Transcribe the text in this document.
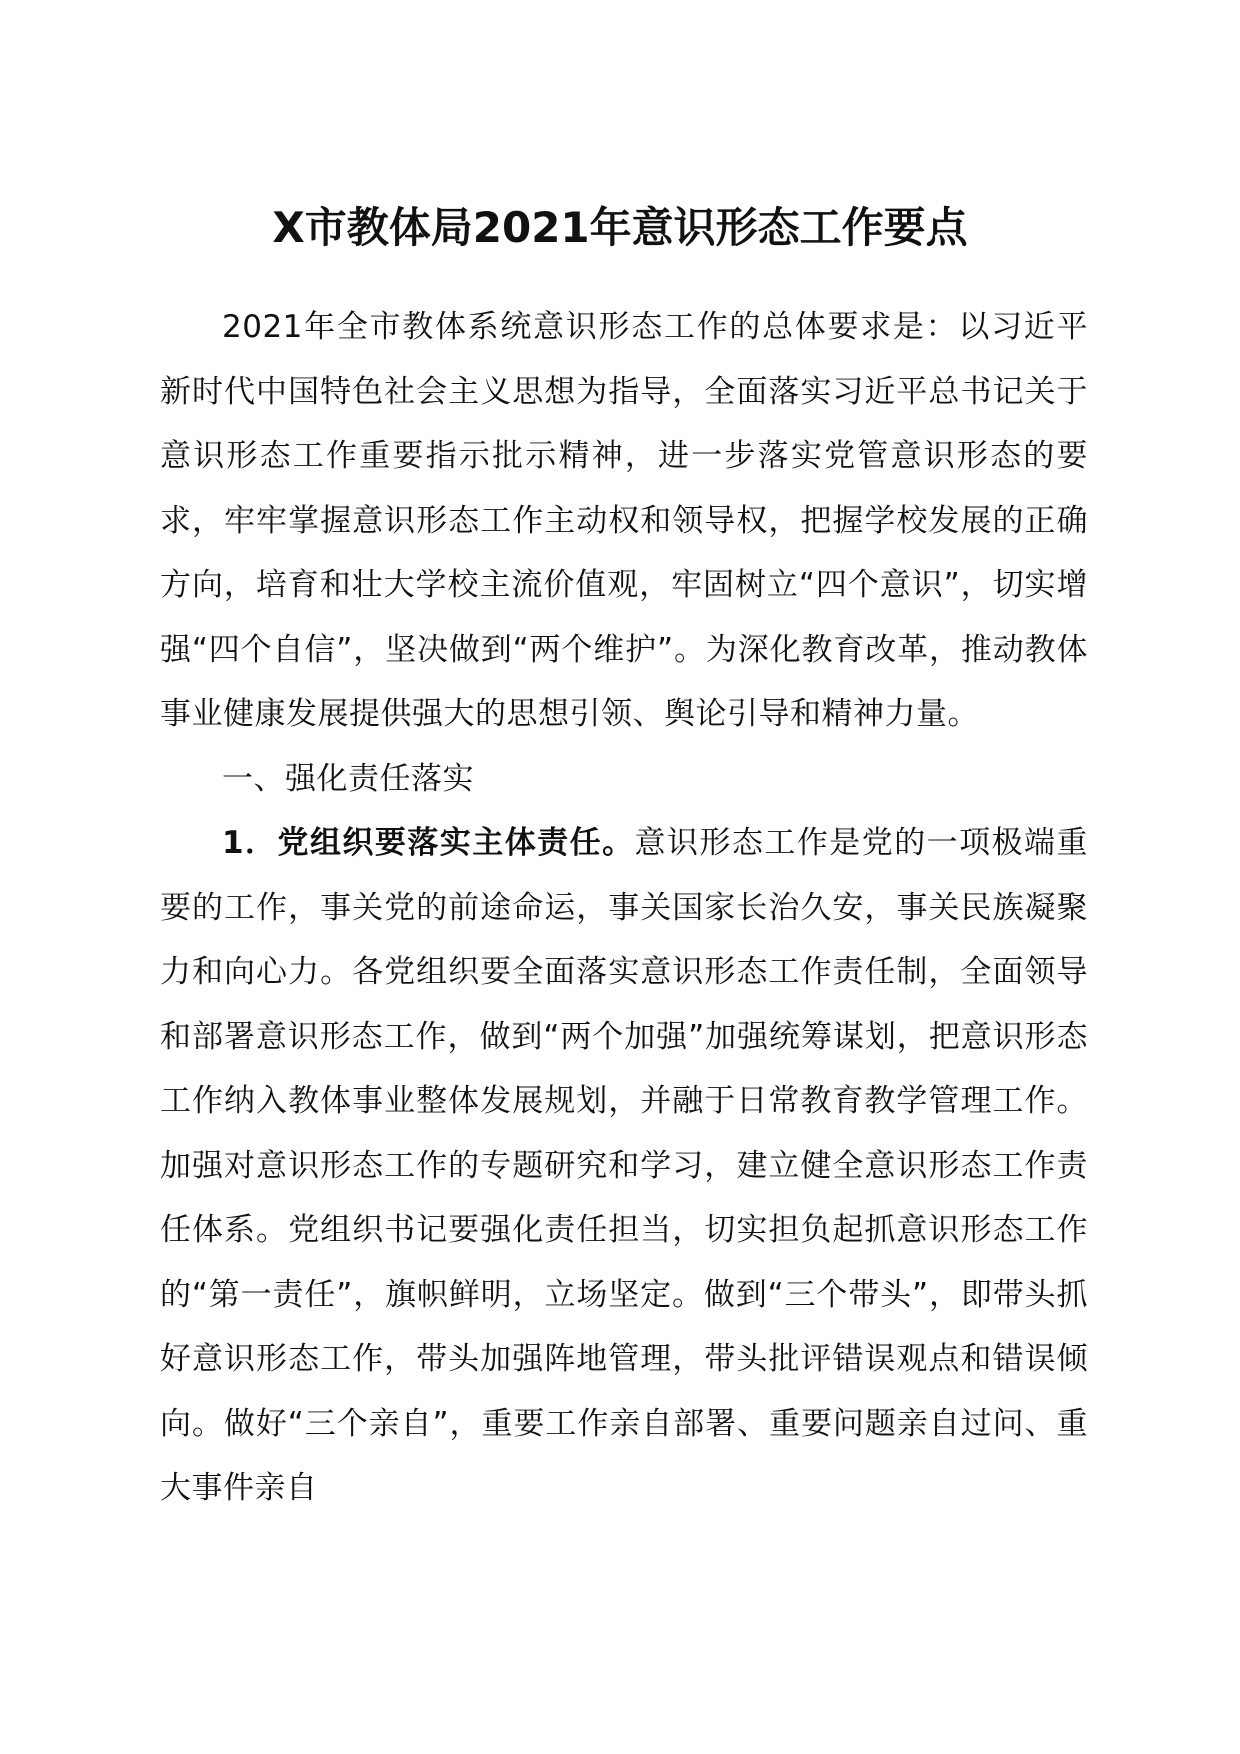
X市教体局2021年意识形态工作要点

2021年全市教体系统意识形态工作的总体要求是：以习近平新时代中国特色社会主义思想为指导，全面落实习近平总书记关于意识形态工作重要指示批示精神，进一步落实党管意识形态的要求，牢牢掌握意识形态工作主动权和领导权，把握学校发展的正确方向，培育和壮大学校主流价值观，牢固树立“四个意识”，切实增强“四个自信”，坚决做到“两个维护”。为深化教育改革，推动教体事业健康发展提供强大的思想引领、舆论引导和精神力量。

一、强化责任落实

1．党组织要落实主体责任。意识形态工作是党的一项极端重要的工作，事关党的前途命运，事关国家长治久安，事关民族凝聚力和向心力。各党组织要全面落实意识形态工作责任制，全面领导和部署意识形态工作，做到“两个加强”加强统筹谋划，把意识形态工作纳入教体事业整体发展规划，并融于日常教育教学管理工作。加强对意识形态工作的专题研究和学习，建立健全意识形态工作责任体系。党组织书记要强化责任担当，切实担负起抓意识形态工作的“第一责任”，旗帜鲜明，立场坚定。做到“三个带头”，即带头抓好意识形态工作，带头加强阵地管理，带头批评错误观点和错误倾向。做好“三个亲自”，重要工作亲自部署、重要问题亲自过问、重大事件亲自
